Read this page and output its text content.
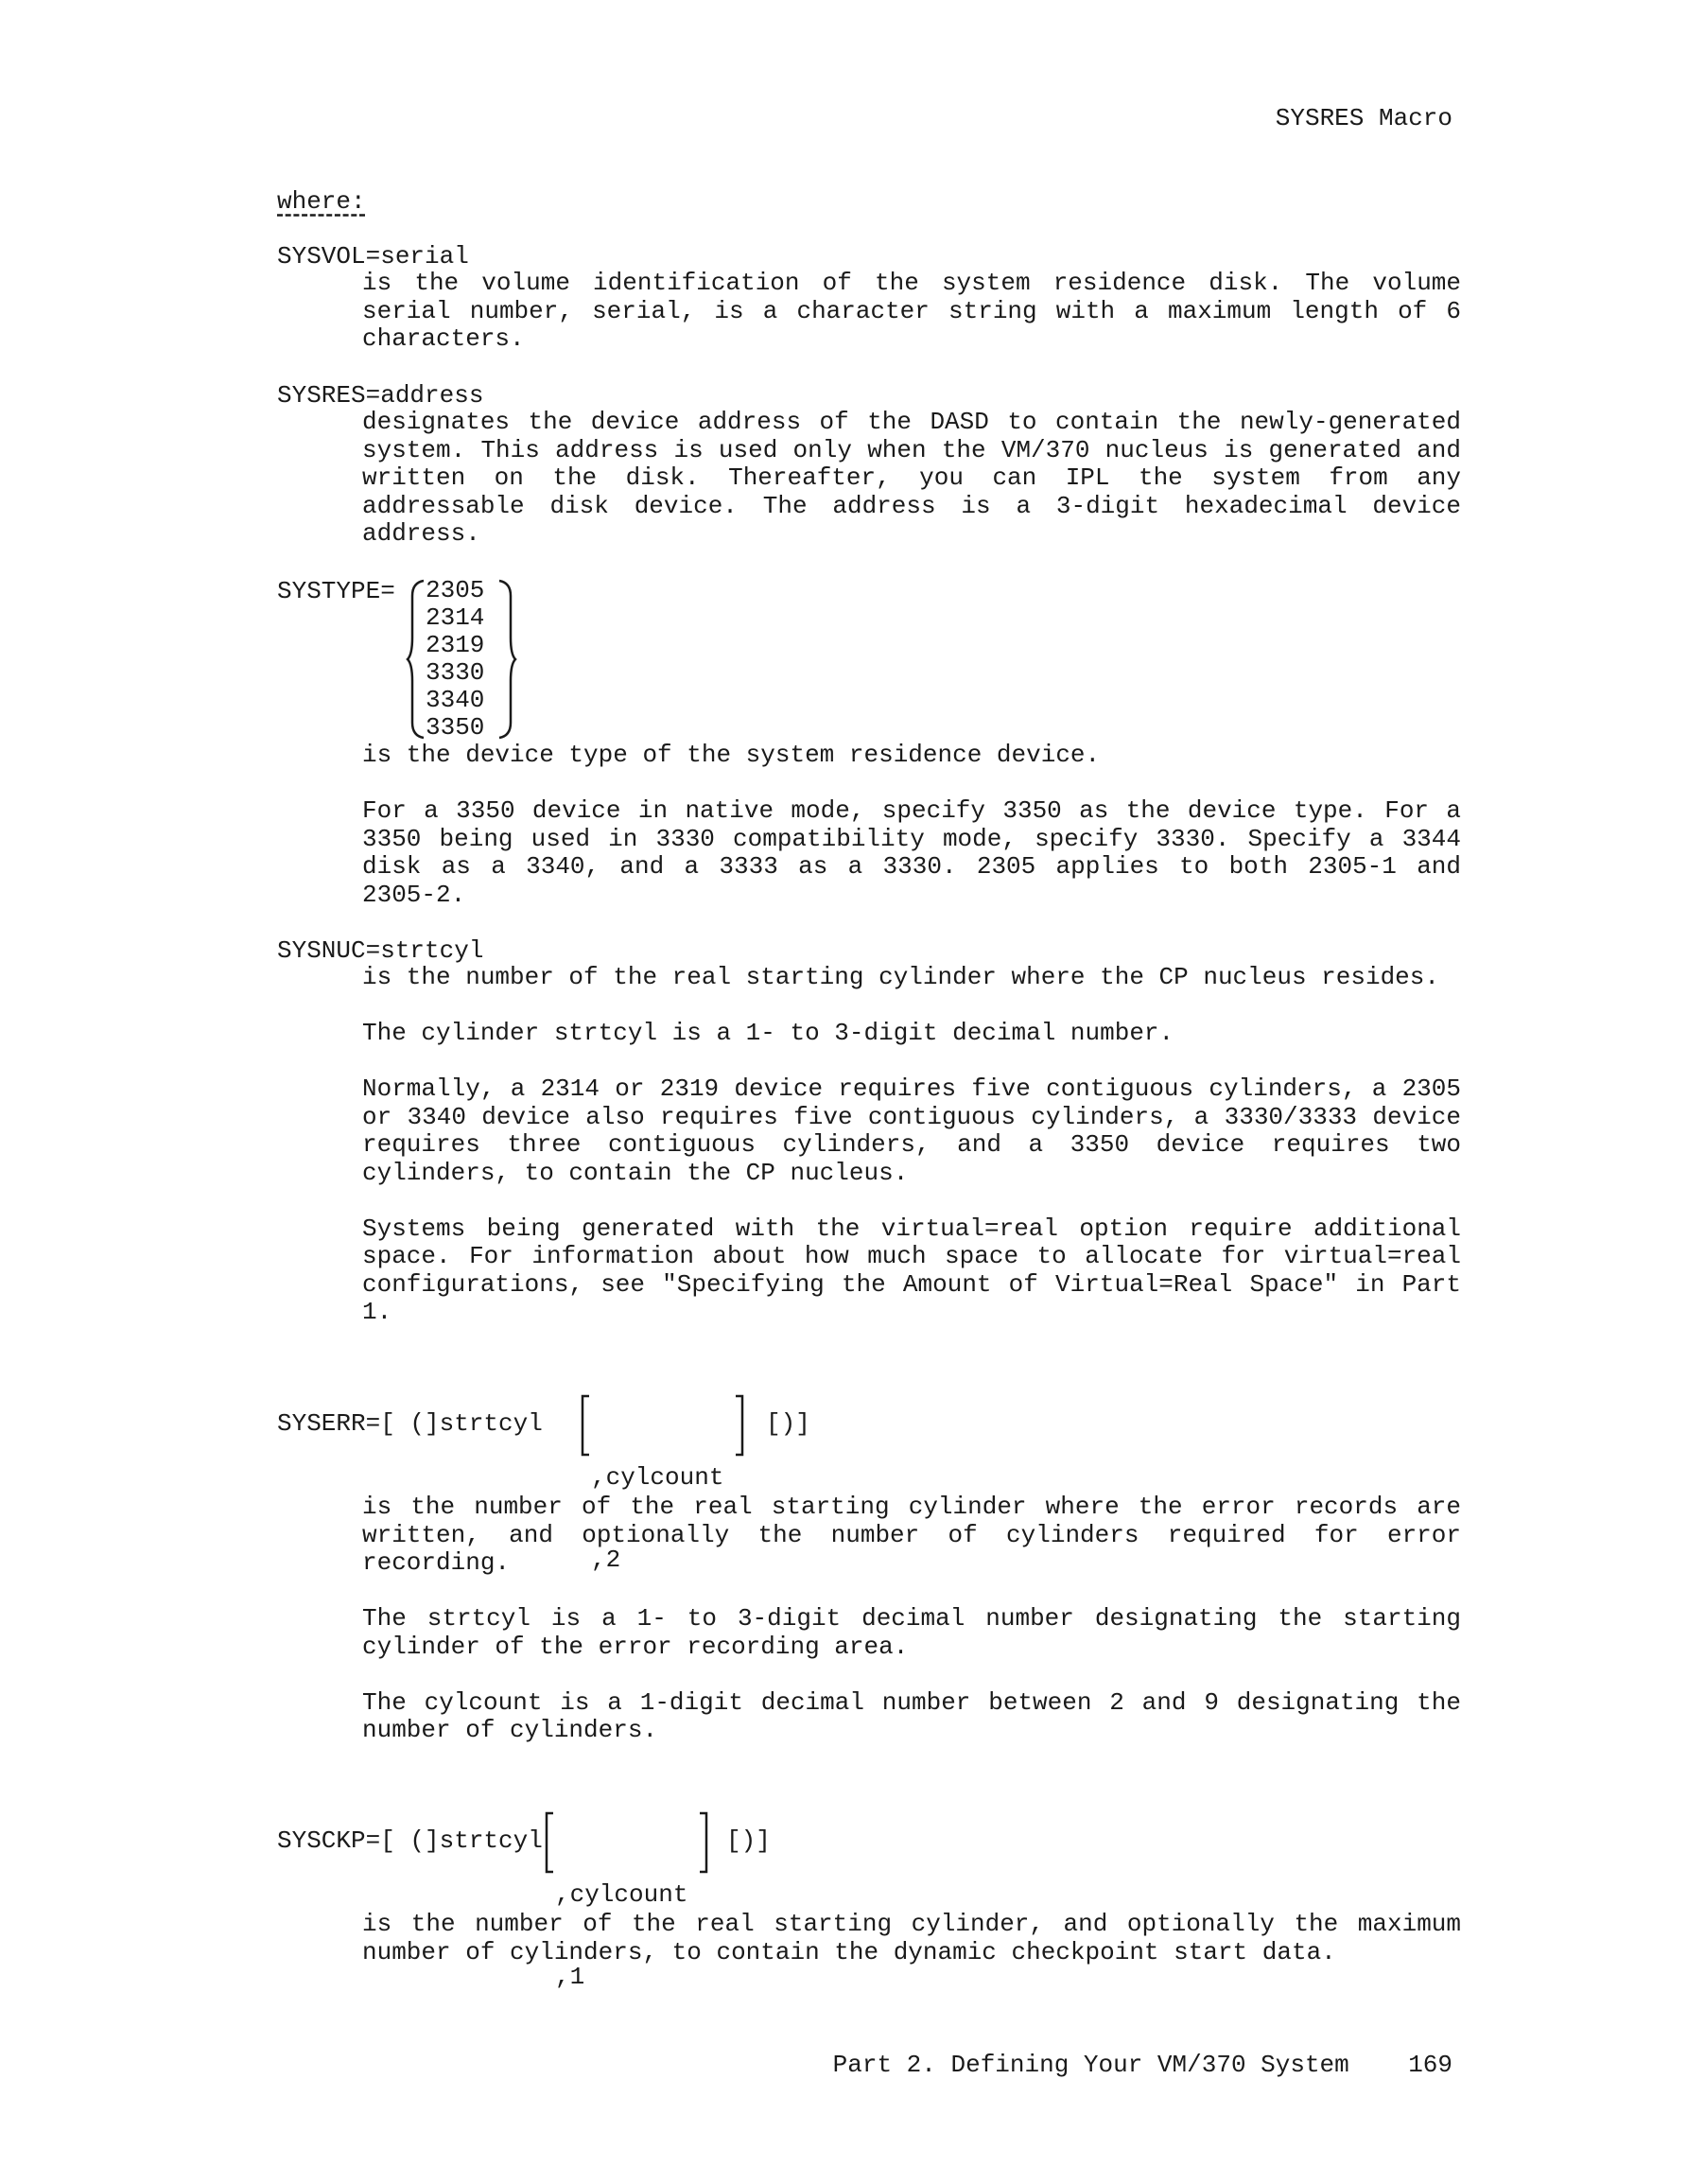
SYSRES Macro
where:
SYSVOL=serial

is the volume identification of the system residence disk. The volume serial number, serial, is a character string with a maximum length of 6 characters.

SYSRES=address

designates the device address of the DASD to contain the newly-generated system. This address is used only when the VM/370 nucleus is generated and written on the disk. Thereafter, you can IPL the system from any addressable disk device. The address is a 3-digit hexadecimal device address.

SYSTYPE= 2305
2314
2319
3330
3340
3350

is the device type of the system residence device.

For a 3350 device in native mode, specify 3350 as the device type. For a 3350 being used in 3330 compatibility mode, specify 3330. Specify a 3344 disk as a 3340, and a 3333 as a 3330. 2305 applies to both 2305-1 and 2305-2.

SYSNUC=strtcyl

is the number of the real starting cylinder where the CP nucleus resides.

The cylinder strtcyl is a 1- to 3-digit decimal number.

Normally, a 2314 or 2319 device requires five contiguous cylinders, a 2305 or 3340 device also requires five contiguous cylinders, a 3330/3333 device requires three contiguous cylinders, and a 3350 device requires two cylinders, to contain the CP nucleus.

Systems being generated with the virtual=real option require additional space. For information about how much space to allocate for virtual=real configurations, see "Specifying the Amount of Virtual=Real Space" in Part 1.

SYSERR=[ (]strtcyl

,cylcount

,2

[)]

is the number of the real starting cylinder where the error records are written, and optionally the number of cylinders required for error recording.

The strtcyl is a 1- to 3-digit decimal number designating the starting cylinder of the error recording area.

The cylcount is a 1-digit decimal number between 2 and 9 designating the number of cylinders.

SYSCKP=[ (]strtcyl

,cylcount

,1

[)]

is the number of the real starting cylinder, and optionally the maximum number of cylinders, to contain the dynamic checkpoint start data.

Part 2. Defining Your VM/370 System 169
